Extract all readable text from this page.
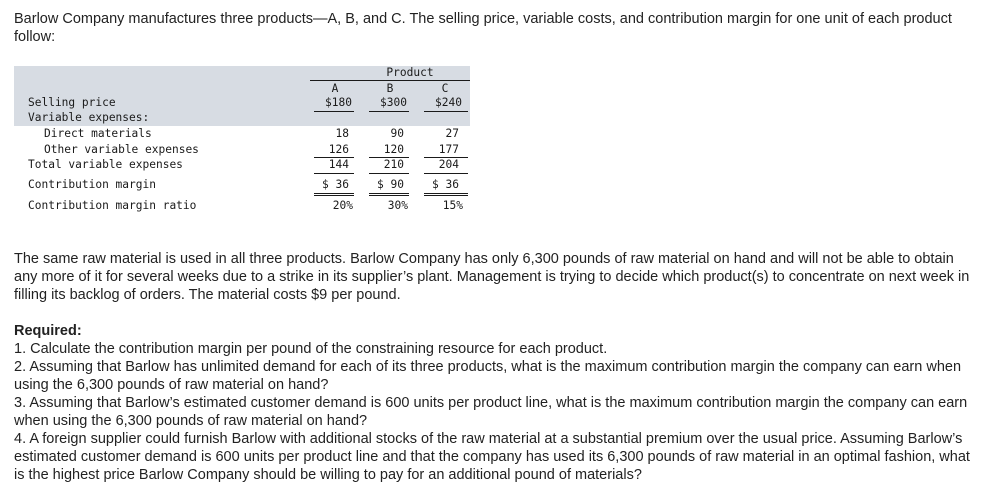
Barlow Company manufactures three products—A, B, and C. The selling price, variable costs, and contribution margin for one unit of each product follow:

Product
A	B	C
Selling price	$180	$300	$240
Variable expenses:
Direct materials	18	90	27
Other variable expenses	126	120	177
Total variable expenses	144	210	204
Contribution margin	$ 36	$ 90	$ 36
Contribution margin ratio	20%	30%	15%

The same raw material is used in all three products. Barlow Company has only 6,300 pounds of raw material on hand and will not be able to obtain any more of it for several weeks due to a strike in its supplier’s plant. Management is trying to decide which product(s) to concentrate on next week in filling its backlog of orders. The material costs $9 per pound.

Required:

1. Calculate the contribution margin per pound of the constraining resource for each product.
2. Assuming that Barlow has unlimited demand for each of its three products, what is the maximum contribution margin the company can earn when using the 6,300 pounds of raw material on hand?
3. Assuming that Barlow’s estimated customer demand is 600 units per product line, what is the maximum contribution margin the company can earn when using the 6,300 pounds of raw material on hand?
4. A foreign supplier could furnish Barlow with additional stocks of the raw material at a substantial premium over the usual price. Assuming Barlow’s estimated customer demand is 600 units per product line and that the company has used its 6,300 pounds of raw material in an optimal fashion, what is the highest price Barlow Company should be willing to pay for an additional pound of materials?
